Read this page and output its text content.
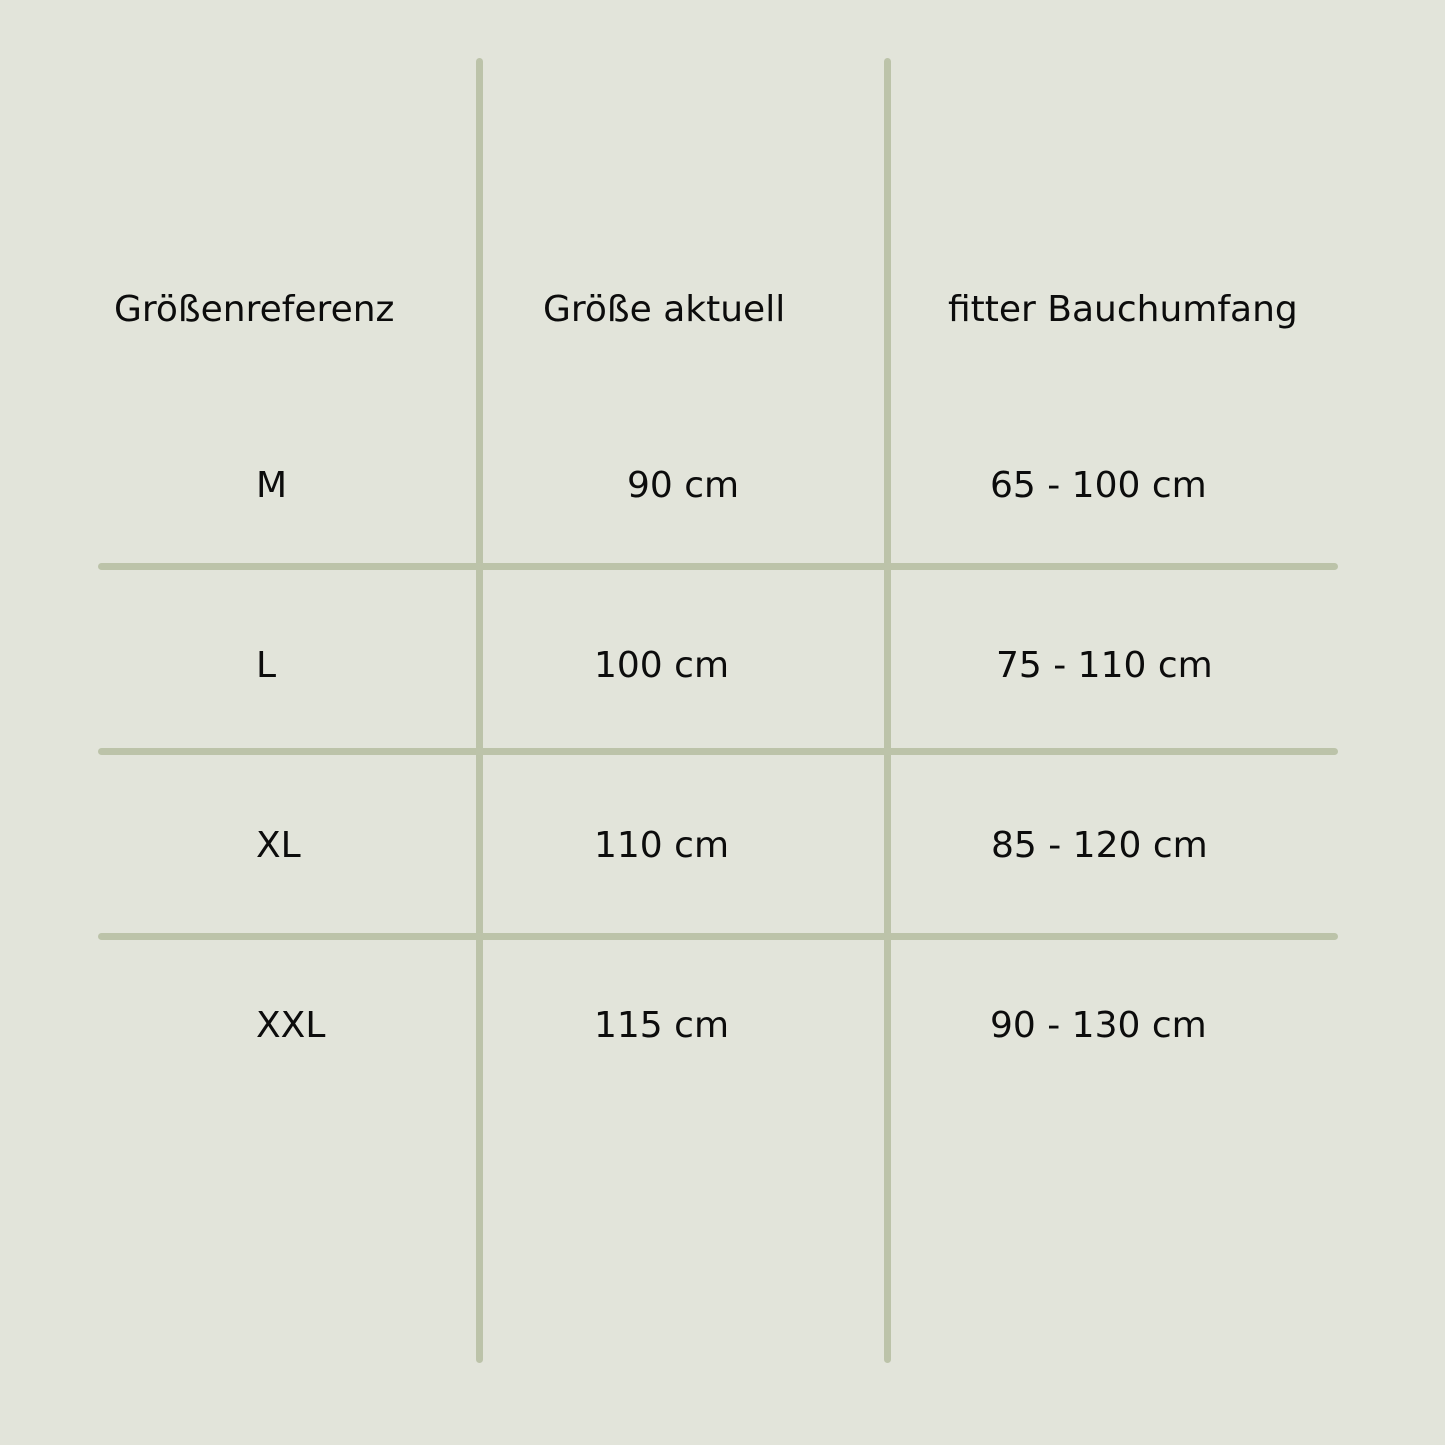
Größenreferenz	Größe aktuell	fitter Bauchumfang
M	90 cm	65 - 100 cm
L	100 cm	75 - 110 cm
XL	110 cm	85 - 120 cm
XXL	115 cm	90 - 130 cm
